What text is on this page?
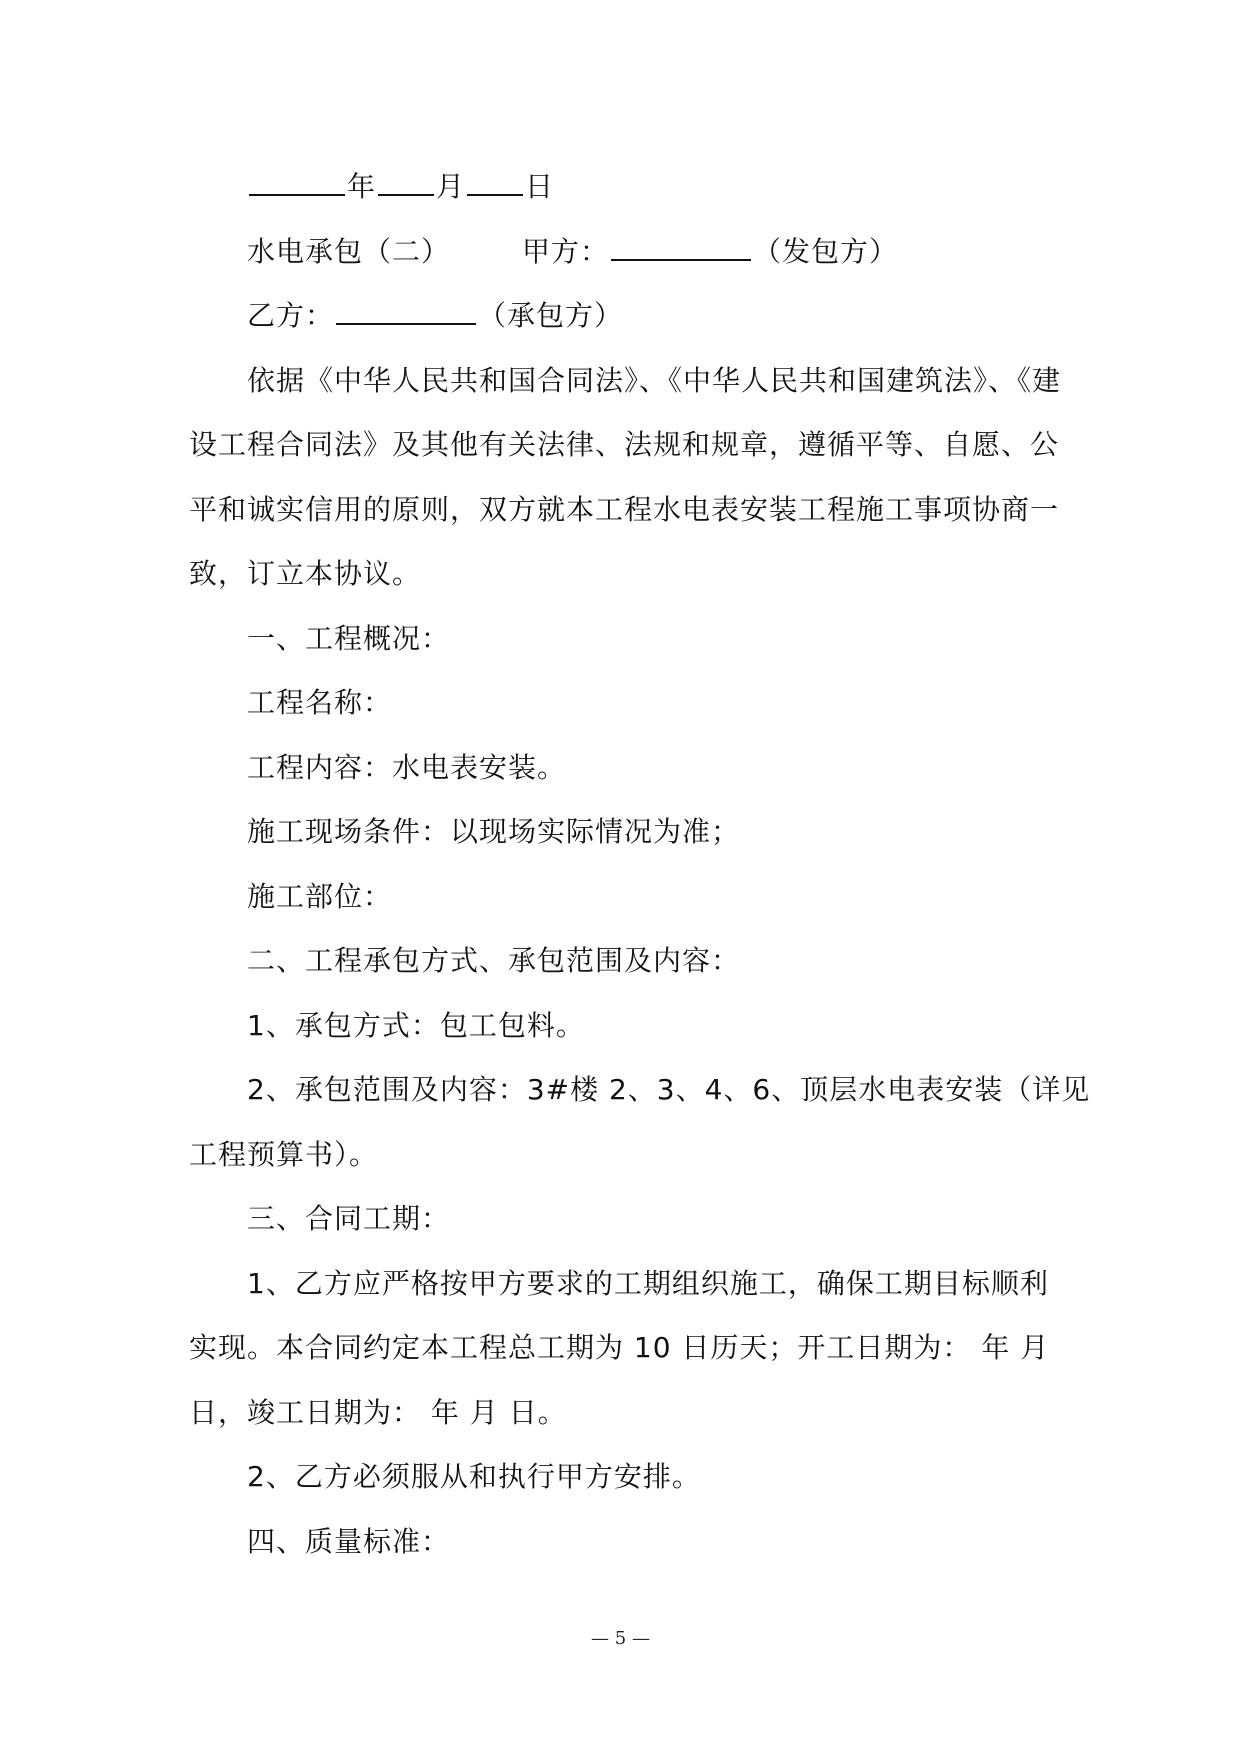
年 月 日
水电承包（二）	甲方：	（发包方）
乙方：	（承包方）
依据《中华人民共和国合同法》、《中华人民共和国建筑法》、《建
设工程合同法》及其他有关法律、法规和规章，遵循平等、自愿、公
平和诚实信用的原则，双方就本工程水电表安装工程施工事项协商一
致，订立本协议。
一、工程概况：
工程名称：
工程内容：水电表安装。
施工现场条件：以现场实际情况为准；
施工部位：
二、工程承包方式、承包范围及内容：
1、承包方式：包工包料。
2、承包范围及内容：3#楼 2、3、4、6、顶层水电表安装（详见
工程预算书）。
三、合同工期：
1、乙方应严格按甲方要求的工期组织施工，确保工期目标顺利
实现。本合同约定本工程总工期为 10 日历天；开工日期为： 年 月
日，竣工日期为： 年 月 日。
2、乙方必须服从和执行甲方安排。
四、质量标准：
— 5 —
